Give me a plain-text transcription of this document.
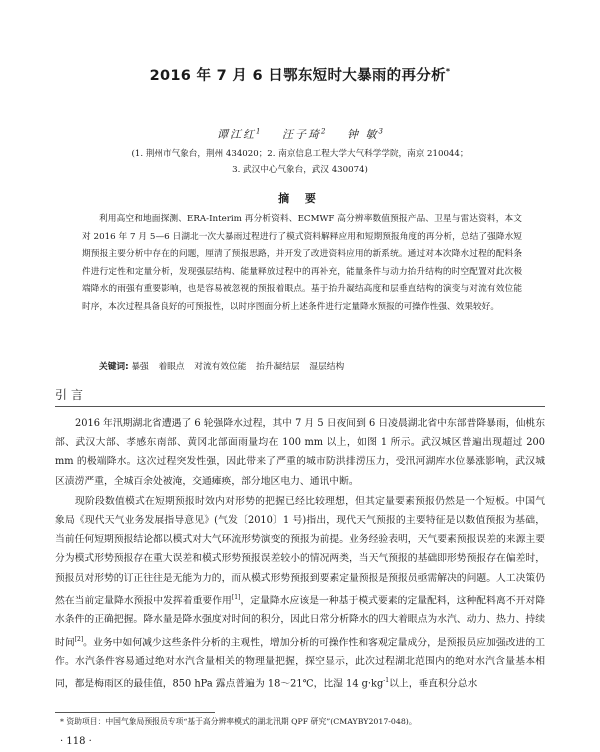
2016 年 7 月 6 日鄂东短时大暴雨的再分析*
谭江红$^1$ 汪子琦$^2$ 钟 敏$^3$
(1. 荆州市气象台，荆州 434020；2. 南京信息工程大学大气科学学院，南京 210044；
3. 武汉中心气象台，武汉 430074)
摘 要

利用高空和地面探测、ERA-Interim 再分析资料、ECMWF 高分辨率数值预报产品、卫星与雷达资料，本文对 2016 年 7 月 5—6 日湖北一次大暴雨过程进行了模式资料解释应用和短期预报角度的再分析，总结了强降水短期预报主要分析中存在的问题，厘清了预报思路，并开发了改进资料应用的新系统。通过对本次降水过程的配料条件进行定性和定量分析，发现强层结构、能量释放过程中的再补充，能量条件与动力抬升结构的时空配置对此次极端降水的雨强有重要影响，也是容易被忽视的预报着眼点。基于抬升凝结高度和层垂直结构的演变与对流有效位能时序，本次过程具备良好的可预报性，以时序图面分析上述条件进行定量降水预报的可操作性强、效果较好。

关键词: 暴强 着眼点 对流有效位能 抬升凝结层 湿层结构
引言

2016 年汛期湖北省遭遇了 6 轮强降水过程，其中 7 月 5 日夜间到 6 日凌晨湖北省中东部普降暴雨，仙桃东部、武汉大部、孝感东南部、黄冈北部面雨量均在 100 mm 以上，如图 1 所示。武汉城区普遍出现超过 200 mm 的极端降水。这次过程突发性强，因此带来了严重的城市防洪排涝压力，受汛河湖库水位暴涨影响，武汉城区渍涝严重，全城百余处被淹，交通瘫痪，部分地区电力、通讯中断。

现阶段数值模式在短期预报时效内对形势的把握已经比较理想，但其定量要素预报仍然是一个短板。中国气象局《现代天气业务发展指导意见》(气发〔2010〕1 号)指出，现代天气预报的主要特征是以数值预报为基础，当前任何短期预报结论都以模式对大气环流形势演变的预报为前提。业务经验表明，天气要素预报误差的来源主要分为模式形势预报存在重大误差和模式形势预报误差较小的情况两类，当天气预报的基础即形势预报存在偏差时，预报员对形势的订正往往是无能为力的，而从模式形势预报到要素定量预报是预报员亟需解决的问题。人工决策仍然在当前定量降水预报中发挥着重要作用[1]，定量降水应该是一种基于模式要素的定量配料，这种配料离不开对降水条件的正确把握。降水量是降水强度对时间的积分，因此日常分析降水的四大着眼点为水汽、动力、热力、持续时间[2]。业务中如何减少这些条件分析的主观性，增加分析的可操作性和客观定量成分，是预报员应加强改进的工作。水汽条件容易通过绝对水汽含量相关的物理量把握，探空显示，此次过程湖北范围内的绝对水汽含量基本相同，都是梅雨区的最佳值，850 hPa 露点普遍为 18～21℃，比湿 14 $g\cdot kg^{-1}$以上，垂直积分总水

* 资助项目：中国气象局预报员专项“基于高分辨率模式的湖北汛期 QPF 研究”(CMAYBY2017-048)。
· 118 ·
